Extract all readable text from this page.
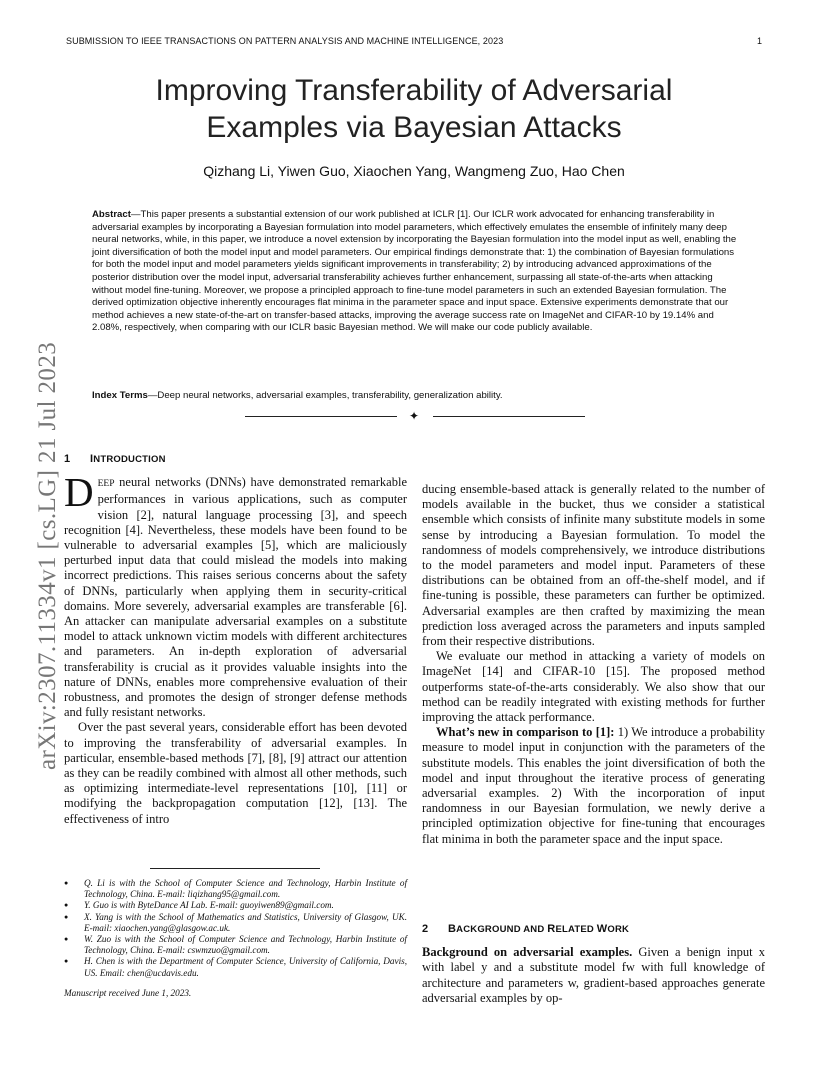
SUBMISSION TO IEEE TRANSACTIONS ON PATTERN ANALYSIS AND MACHINE INTELLIGENCE, 2023	1
arXiv:2307.11334v1 [cs.LG] 21 Jul 2023
Improving Transferability of Adversarial Examples via Bayesian Attacks
Qizhang Li, Yiwen Guo, Xiaochen Yang, Wangmeng Zuo, Hao Chen
Abstract—This paper presents a substantial extension of our work published at ICLR [1]. Our ICLR work advocated for enhancing transferability in adversarial examples by incorporating a Bayesian formulation into model parameters, which effectively emulates the ensemble of infinitely many deep neural networks, while, in this paper, we introduce a novel extension by incorporating the Bayesian formulation into the model input as well, enabling the joint diversification of both the model input and model parameters. Our empirical findings demonstrate that: 1) the combination of Bayesian formulations for both the model input and model parameters yields significant improvements in transferability; 2) by introducing advanced approximations of the posterior distribution over the model input, adversarial transferability achieves further enhancement, surpassing all state-of-the-arts when attacking without model fine-tuning. Moreover, we propose a principled approach to fine-tune model parameters in such an extended Bayesian formulation. The derived optimization objective inherently encourages flat minima in the parameter space and input space. Extensive experiments demonstrate that our method achieves a new state-of-the-art on transfer-based attacks, improving the average success rate on ImageNet and CIFAR-10 by 19.14% and 2.08%, respectively, when comparing with our ICLR basic Bayesian method. We will make our code publicly available.
Index Terms—Deep neural networks, adversarial examples, transferability, generalization ability.
✦
1 INTRODUCTION

DEEP neural networks (DNNs) have demonstrated remarkable performances in various applications, such as computer vision [2], natural language processing [3], and speech recognition [4]. Nevertheless, these models have been found to be vulnerable to adversarial examples [5], which are maliciously perturbed input data that could mislead the models into making incorrect predictions. This raises serious concerns about the safety of DNNs, particularly when applying them in security-critical domains. More severely, adversarial examples are transferable [6]. An attacker can manipulate adversarial examples on a substitute model to attack unknown victim models with different architectures and parameters. An in-depth exploration of adversarial transferability is crucial as it provides valuable insights into the nature of DNNs, enables more comprehensive evaluation of their robustness, and promotes the design of stronger defense methods and fully resistant networks.

Over the past several years, considerable effort has been devoted to improving the transferability of adversarial examples. In particular, ensemble-based methods [7], [8], [9] attract our attention as they can be readily combined with almost all other methods, such as optimizing intermediate-level representations [10], [11] or modifying the backpropagation computation [12], [13]. The effectiveness of intro

ducing ensemble-based attack is generally related to the number of models available in the bucket, thus we consider a statistical ensemble which consists of infinite many substitute models in some sense by introducing a Bayesian formulation. To model the randomness of models comprehensively, we introduce distributions to the model parameters and model input. Parameters of these distributions can be obtained from an off-the-shelf model, and if fine-tuning is possible, these parameters can further be optimized. Adversarial examples are then crafted by maximizing the mean prediction loss averaged across the parameters and inputs sampled from their respective distributions.

We evaluate our method in attacking a variety of models on ImageNet [14] and CIFAR-10 [15]. The proposed method outperforms state-of-the-arts considerably. We also show that our method can be readily integrated with existing methods for further improving the attack performance.

What’s new in comparison to [1]: 1) We introduce a probability measure to model input in conjunction with the parameters of the substitute models. This enables the joint diversification of both the model and input throughout the iterative process of generating adversarial examples. 2) With the incorporation of input randomness in our Bayesian formulation, we newly derive a principled optimization objective for fine-tuning that encourages flat minima in both the parameter space and the input space.

● Q. Li is with the School of Computer Science and Technology, Harbin Institute of Technology, China. E-mail: liqizhang95@gmail.com.
● Y. Guo is with ByteDance AI Lab. E-mail: guoyiwen89@gmail.com.
● X. Yang is with the School of Mathematics and Statistics, University of Glasgow, UK. E-mail: xiaochen.yang@glasgow.ac.uk.
● W. Zuo is with the School of Computer Science and Technology, Harbin Institute of Technology, China. E-mail: cswmzuo@gmail.com.
● H. Chen is with the Department of Computer Science, University of California, Davis, US. Email: chen@ucdavis.edu.
Manuscript received June 1, 2023.
2 BACKGROUND AND RELATED WORK

Background on adversarial examples. Given a benign input x with label y and a substitute model fw with full knowledge of architecture and parameters w, gradient-based approaches generate adversarial examples by op-
